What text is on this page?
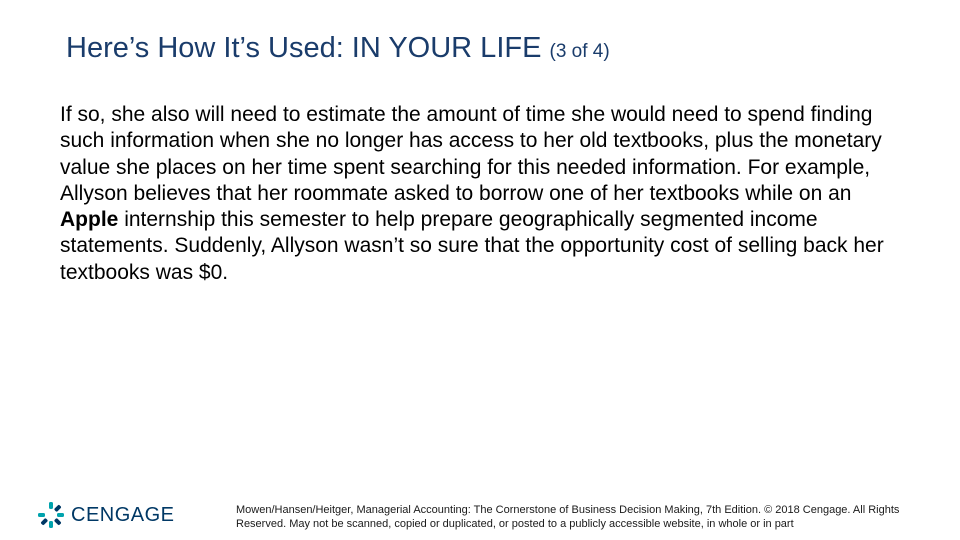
Here’s How It’s Used: IN YOUR LIFE (3 of 4)

If so, she also will need to estimate the amount of time she would need to spend finding such information when she no longer has access to her old textbooks, plus the monetary value she places on her time spent searching for this needed information. For example, Allyson believes that her roommate asked to borrow one of her textbooks while on an Apple internship this semester to help prepare geographically segmented income statements. Suddenly, Allyson wasn’t so sure that the opportunity cost of selling back her textbooks was $0.

CENGAGE	Mowen/Hansen/Heitger, Managerial Accounting: The Cornerstone of Business Decision Making, 7th Edition. © 2018 Cengage. All Rights Reserved. May not be scanned, copied or duplicated, or posted to a publicly accessible website, in whole or in part
